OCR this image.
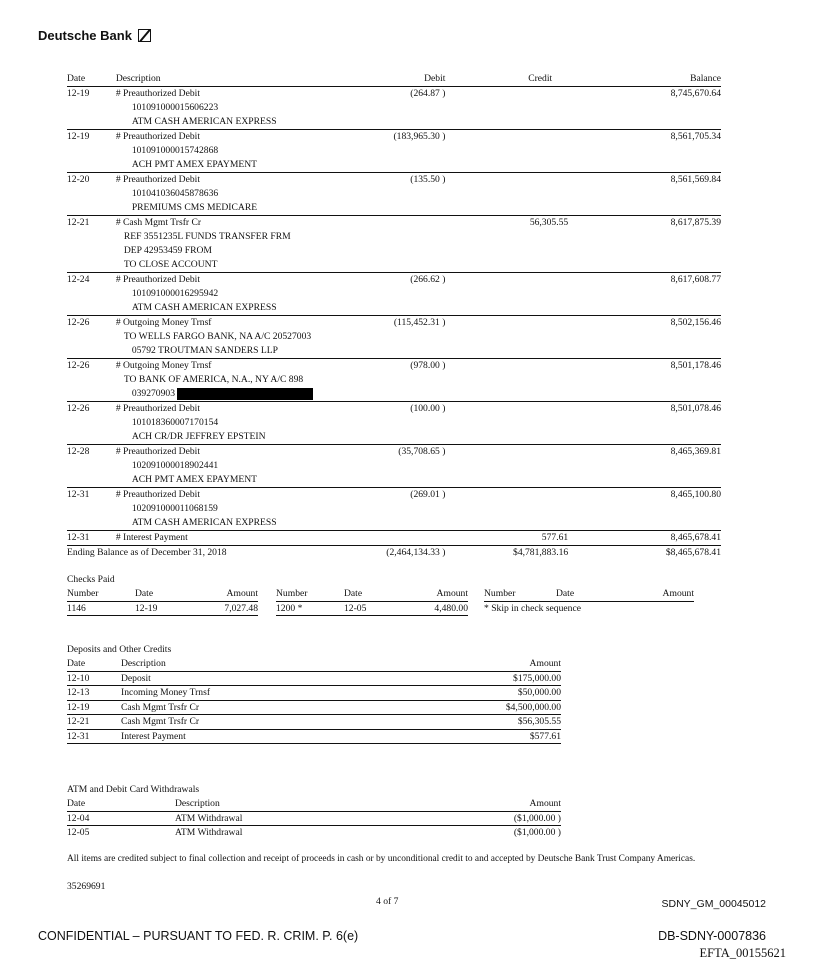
Deutsche Bank
Date	Description	Debit	Credit	Balance
12-19	# Preauthorized Debit
101091000015606223
ATM CASH AMERICAN EXPRESS	(264.87 )		8,745,670.64
12-19	# Preauthorized Debit
101091000015742868
ACH PMT AMEX EPAYMENT	(183,965.30 )		8,561,705.34
12-20	# Preauthorized Debit
101041036045878636
PREMIUMS CMS MEDICARE	(135.50 )		8,561,569.84
12-21	# Cash Mgmt Trsfr Cr
REF 3551235L FUNDS TRANSFER FRM
DEP 42953459 FROM
TO CLOSE ACCOUNT		56,305.55	8,617,875.39
12-24	# Preauthorized Debit
101091000016295942
ATM CASH AMERICAN EXPRESS	(266.62 )		8,617,608.77
12-26	# Outgoing Money Trnsf
TO WELLS FARGO BANK, NA A/C 20527003
05792 TROUTMAN SANDERS LLP	(115,452.31 )		8,502,156.46
12-26	# Outgoing Money Trnsf
TO BANK OF AMERICA, N.A., NY A/C 898
039270903	(978.00 )		8,501,178.46
12-26	# Preauthorized Debit
101018360007170154
ACH CR/DR JEFFREY EPSTEIN	(100.00 )		8,501,078.46
12-28	# Preauthorized Debit
102091000018902441
ACH PMT AMEX EPAYMENT	(35,708.65 )		8,465,369.81
12-31	# Preauthorized Debit
102091000011068159
ATM CASH AMERICAN EXPRESS	(269.01 )		8,465,100.80
12-31	# Interest Payment		577.61	8,465,678.41
Ending Balance as of December 31, 2018		(2,464,134.33 )	$4,781,883.16	$8,465,678.41
Checks Paid
Number	Date	Amount		Number	Date	Amount		Number	Date	Amount
1146	12-19	7,027.48		1200 *	12-05	4,480.00		* Skip in check sequence		
Deposits and Other Credits
Date	Description	Amount
12-10	Deposit	$175,000.00
12-13	Incoming Money Trnsf	$50,000.00
12-19	Cash Mgmt Trsfr Cr	$4,500,000.00
12-21	Cash Mgmt Trsfr Cr	$56,305.55
12-31	Interest Payment	$577.61
ATM and Debit Card Withdrawals
Date	Description	Amount
12-04	ATM Withdrawal	($1,000.00 )
12-05	ATM Withdrawal	($1,000.00 )
All items are credited subject to final collection and receipt of proceeds in cash or by unconditional credit to and accepted by Deutsche Bank Trust Company Americas.
35269691
4 of 7	SDNY_GM_00045012
CONFIDENTIAL – PURSUANT TO FED. R. CRIM. P. 6(e)	DB-SDNY-0007836
EFTA_00155621
